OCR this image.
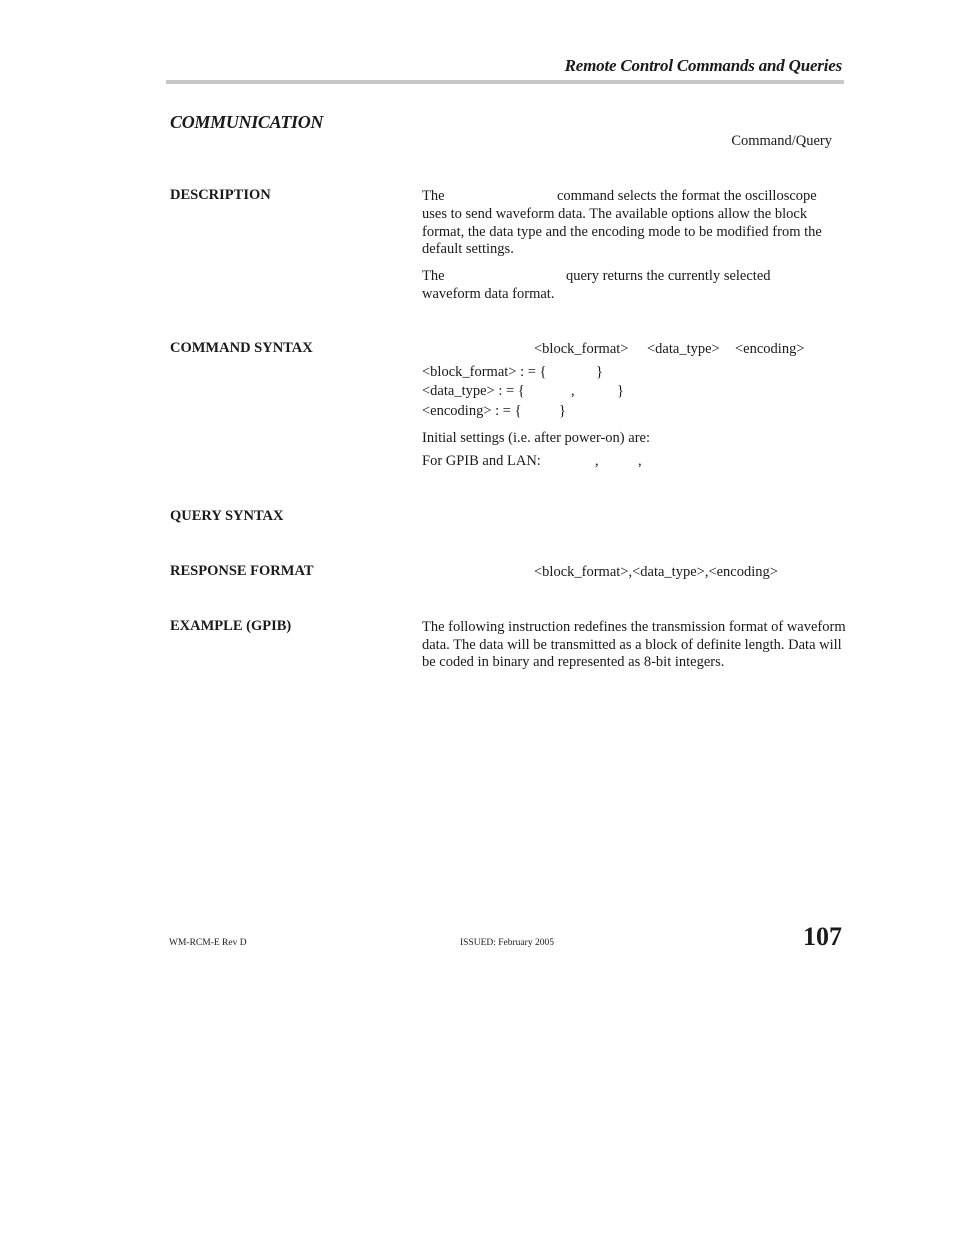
Remote Control Commands and Queries
COMMUNICATION
Command/Query
DESCRIPTION	The	command selects the format the oscilloscope
uses to send waveform data. The available options allow the block format, the data type and the encoding mode to be modified from the default settings.
The	query returns the currently selected
waveform data format.
COMMAND SYNTAX	<block_format> <data_type> <encoding>
<block_format> : = {	}
<data_type> : = {	,	}
<encoding> : = {	}
Initial settings (i.e. after power-on) are:
For GPIB and LAN:	,	,
QUERY SYNTAX
RESPONSE FORMAT	<block_format>,<data_type>,<encoding>
EXAMPLE (GPIB)	The following instruction redefines the transmission format of waveform data. The data will be transmitted as a block of definite length. Data will be coded in binary and represented as 8-bit integers.
WM-RCM-E Rev D	ISSUED: February 2005	107
